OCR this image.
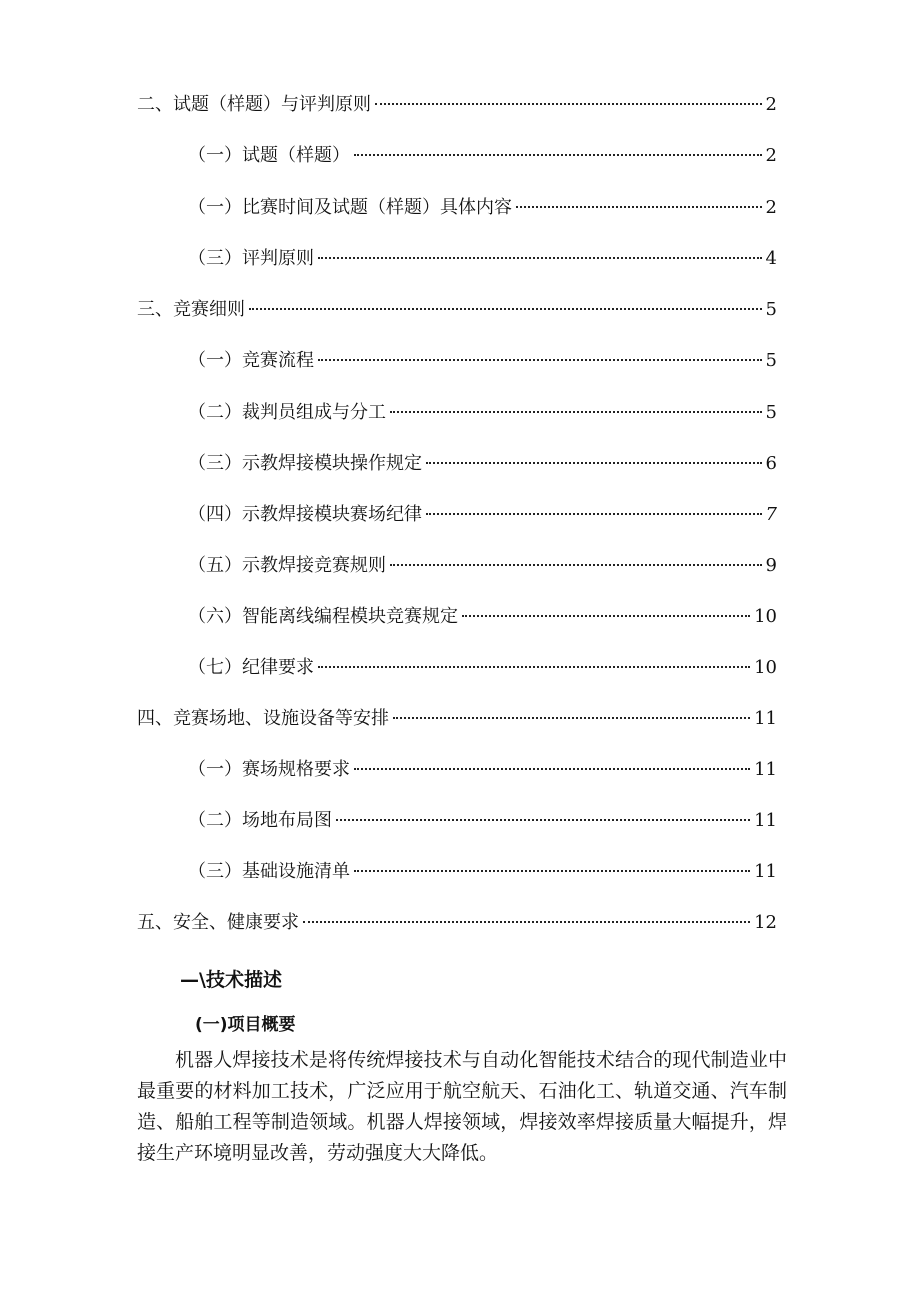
二、试题（样题）与评判原则	2
（一）试题（样题）	2
（一）比赛时间及试题（样题）具体内容	2
（三）评判原则	4
三、竞赛细则	5
（一）竞赛流程	5
（二）裁判员组成与分工	5
（三）示教焊接模块操作规定	6
（四）示教焊接模块赛场纪律	7
（五）示教焊接竞赛规则	9
（六）智能离线编程模块竞赛规定	10
（七）纪律要求	10
四、竞赛场地、设施设备等安排	11
（一）赛场规格要求	11
（二）场地布局图	11
（三）基础设施清单	11
五、安全、健康要求	12
—\技术描述
(一)项目概要

机器人焊接技术是将传统焊接技术与自动化智能技术结合的现代制造业中最重要的材料加工技术，广泛应用于航空航天、石油化工、轨道交通、汽车制造、船舶工程等制造领域。机器人焊接领域，焊接效率焊接质量大幅提升，焊接生产环境明显改善，劳动强度大大降低。
